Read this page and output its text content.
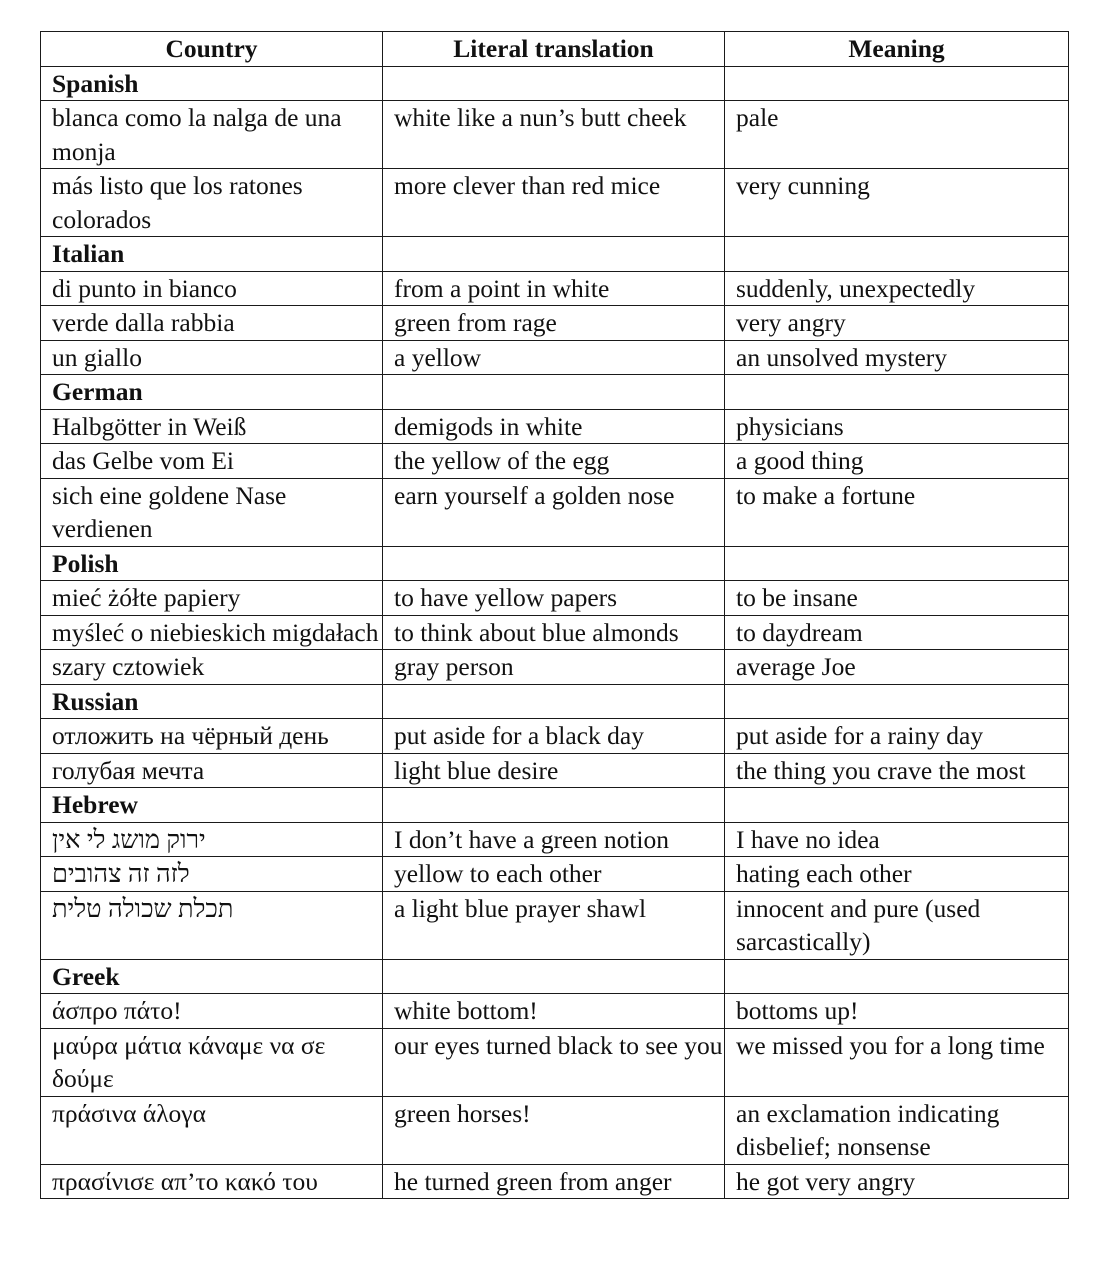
Country	Literal translation	Meaning
Spanish		
blanca como la nalga de una monja	white like a nun’s butt cheek	pale
más listo que los ratones colorados	more clever than red mice	very cunning
Italian		
di punto in bianco	from a point in white	suddenly, unexpectedly
verde dalla rabbia	green from rage	very angry
un giallo	a yellow	an unsolved mystery
German		
Halbgötter in Weiß	demigods in white	physicians
das Gelbe vom Ei	the yellow of the egg	a good thing
sich eine goldene Nase verdienen	earn yourself a golden nose	to make a fortune
Polish		
mieć żółte papiery	to have yellow papers	to be insane
myśleć o niebieskich migdałach	to think about blue almonds	to daydream
szary cztowiek	gray person	average Joe
Russian		
отложить на чёрный день	put aside for a black day	put aside for a rainy day
голубая мечта	light blue desire	the thing you crave the most
Hebrew		
ירוק מושג לי אין	I don’t have a green notion	I have no idea
לזה זה צהובים	yellow to each other	hating each other
תכלת שכולה טלית	a light blue prayer shawl	innocent and pure (used sarcastically)
Greek		
άσπρο πάτο!	white bottom!	bottoms up!
μαύρα μάτια κάναμε να σε δούμε	our eyes turned black to see you	we missed you for a long time
πράσινα άλογα	green horses!	an exclamation indicating disbelief; nonsense
πρασίνισε απ’το κακό του	he turned green from anger	he got very angry
